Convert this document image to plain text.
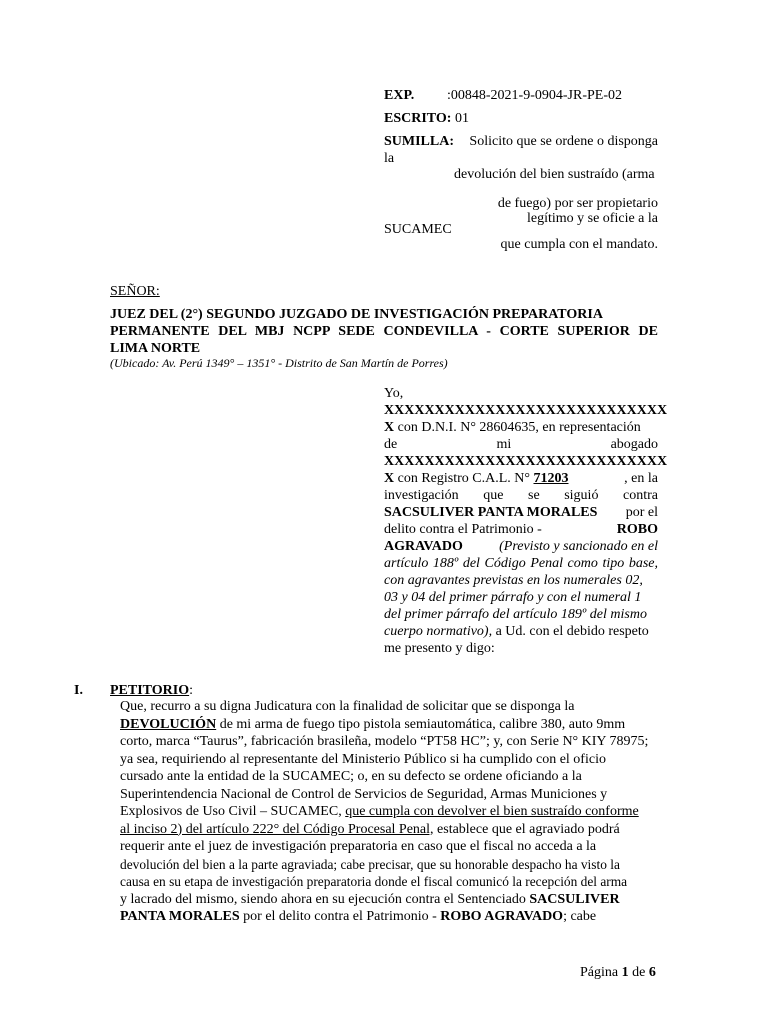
EXP. :00848-2021-9-0904-JR-PE-02
ESCRITO: 01
SUMILLA: Solicito que se ordene o disponga
la
devolución del bien sustraído (arma
de fuego) por ser propietario
legítimo y se oficie a la
SUCAMEC
que cumpla con el mandato.
SEÑOR:
JUEZ DEL (2°) SEGUNDO JUZGADO DE INVESTIGACIÓN PREPARATORIA
PERMANENTE DEL MBJ NCPP SEDE CONDEVILLA - CORTE SUPERIOR DE
LIMA NORTE
(Ubicado: Av. Perú 1349° – 1351° - Distrito de San Martín de Porres)
Yo,
XXXXXXXXXXXXXXXXXXXXXXXXXXXX
X con D.N.I. N° 28604635, en representación
de	mi	abogado
XXXXXXXXXXXXXXXXXXXXXXXXXXXX
X con Registro C.A.L. N° 71203	, en la
investigación que se siguió contra
SACSULIVER PANTA MORALES por el
delito contra el Patrimonio -	ROBO
AGRAVADO (Previsto y sancionado en el
artículo 188º del Código Penal como tipo base,
con agravantes previstas en los numerales 02,
03 y 04 del primer párrafo y con el numeral 1
del primer párrafo del artículo 189º del mismo
cuerpo normativo), a Ud. con el debido respeto
me presento y digo:
I. PETITORIO:
Que, recurro a su digna Judicatura con la finalidad de solicitar que se disponga la
DEVOLUCIÓN de mi arma de fuego tipo pistola semiautomática, calibre 380, auto 9mm
corto, marca “Taurus”, fabricación brasileña, modelo “PT58 HC”; y, con Serie N° KIY 78975;
ya sea, requiriendo al representante del Ministerio Público si ha cumplido con el oficio
cursado ante la entidad de la SUCAMEC; o, en su defecto se ordene oficiando a la
Superintendencia Nacional de Control de Servicios de Seguridad, Armas Municiones y
Explosivos de Uso Civil – SUCAMEC, que cumpla con devolver el bien sustraído conforme
al inciso 2) del artículo 222° del Código Procesal Penal, establece que el agraviado podrá
requerir ante el juez de investigación preparatoria en caso que el fiscal no acceda a la
devolución del bien a la parte agraviada; cabe precisar, que su honorable despacho ha visto la
causa en su etapa de investigación preparatoria donde el fiscal comunicó la recepción del arma
y lacrado del mismo, siendo ahora en su ejecución contra el Sentenciado SACSULIVER
PANTA MORALES por el delito contra el Patrimonio - ROBO AGRAVADO; cabe
Página 1 de 6
